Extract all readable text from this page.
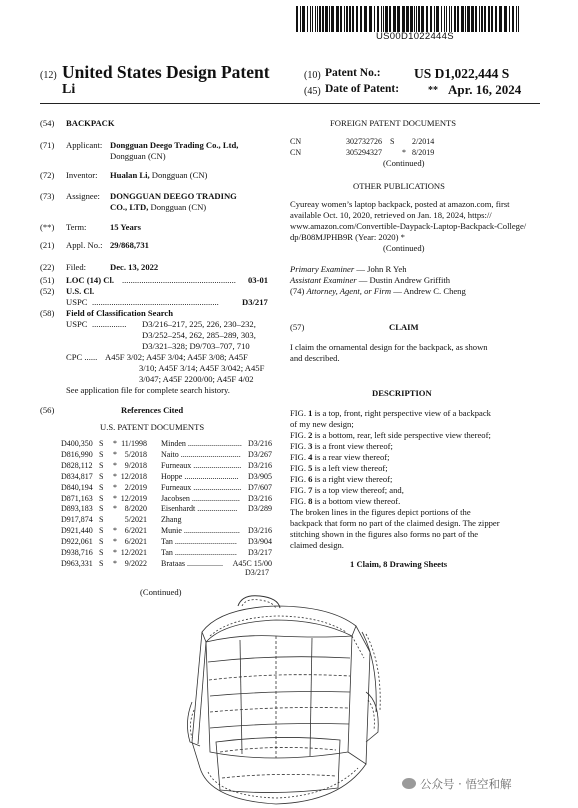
US00D1022444S
(12) United States Design Patent
Li
(10) Patent No.: US D1,022,444 S
(45) Date of Patent:	** Apr. 16, 2024
(54) BACKPACK
(71) Applicant: Dongguan Deego Trading Co., Ltd,
Dongguan (CN)
(72) Inventor: Hualan Li, Dongguan (CN)
(73) Assignee: DONGGUAN DEEGO TRADING
CO., LTD, Dongguan (CN)
(**) Term:	15 Years
(21) Appl. No.: 29/868,731
(22) Filed:	Dec. 13, 2022
(51) LOC (14) Cl. ..................................................... 03-01
(52) U.S. Cl.
USPC ...........................................................	D3/217
(58) Field of Classification Search
USPC ................ D3/216–217, 225, 226, 230–232,
D3/252–254, 262, 285–289, 303,
D3/321–328; D9/703–707, 710
CPC ...... A45F 3/02; A45F 3/04; A45F 3/08; A45F
3/10; A45F 3/14; A45F 3/042; A45F
3/047; A45F 2200/00; A45F 4/02
See application file for complete search history.
(56)	References Cited
U.S. PATENT DOCUMENTS
D400,350 S * 11/1998 Minden ........................... D3/216
D816,990 S * 5/2018 Naito .............................. D3/267
D828,112 S * 9/2018 Furneaux ........................ D3/216
D834,817 S * 12/2018 Hoppe ........................... D3/905
D840,194 S * 2/2019 Furneaux ........................ D7/607
D871,163 S * 12/2019 Jacobsen ........................ D3/216
D893,183 S * 8/2020 Eisenhardt .................... D3/289
D917,874 S	5/2021 Zhang
D921,440 S * 6/2021 Munie ............................ D3/216
D922,061 S * 6/2021 Tan ............................... D3/904
D938,716 S * 12/2021 Tan ............................... D3/217
D963,331 S * 9/2022 Brataas .................. A45C 15/00
D3/217
(Continued)
FOREIGN PATENT DOCUMENTS
CN	302732726 S 2/2014
CN	305294327	* 8/2019
(Continued)
OTHER PUBLICATIONS
Cyureay women’s laptop backpack, posted at amazon.com, first
available Oct. 10, 2020, retrieved on Jan. 18, 2024, https://
www.amazon.com/Convertible-Daypack-Laptop-Backpack-College/
dp/B08MJPHB9R (Year: 2020) *
(Continued)
Primary Examiner — John R Yeh
Assistant Examiner — Dustin Andrew Griffith
(74) Attorney, Agent, or Firm — Andrew C. Cheng
(57)	CLAIM
I claim the ornamental design for the backpack, as shown
and described.
DESCRIPTION
FIG. 1 is a top, front, right perspective view of a backpack
of my new design;
FIG. 2 is a bottom, rear, left side perspective view thereof;
FIG. 3 is a front view thereof;
FIG. 4 is a rear view thereof;
FIG. 5 is a left view thereof;
FIG. 6 is a right view thereof;
FIG. 7 is a top view thereof; and,
FIG. 8 is a bottom view thereof.
The broken lines in the figures depict portions of the
backpack that form no part of the claimed design. The zipper
stitching shown in the figures also forms no part of the
claimed design.
1 Claim, 8 Drawing Sheets
公众号 · 悟空和解
